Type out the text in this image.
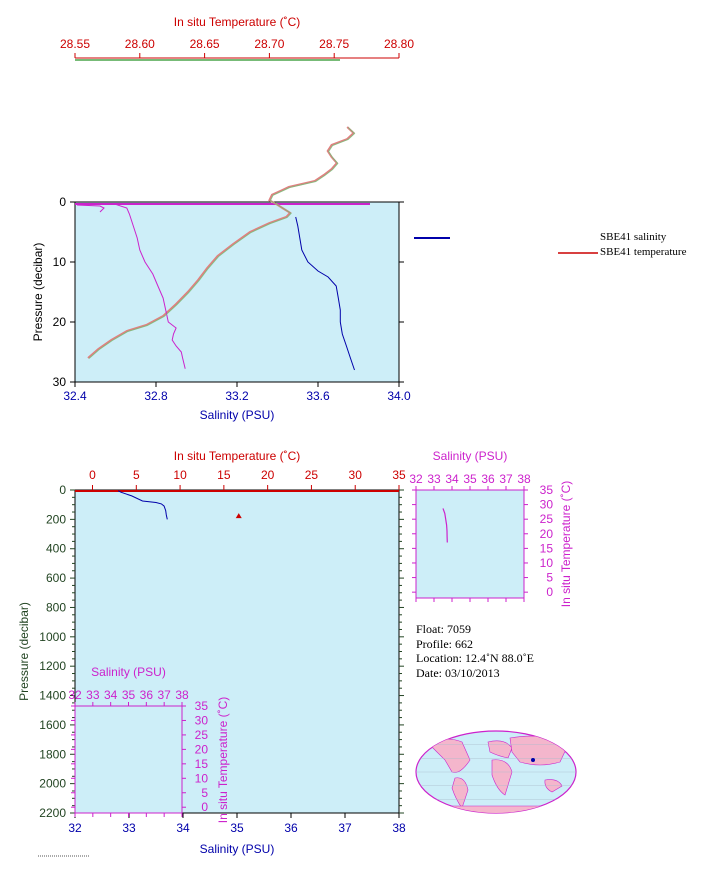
28.55	28.60	28.65	28.70	28.75	28.80
In situ Temperature (˚C)
32.4	32.8	33.2	33.6	34.0
Salinity (PSU)
0
10
20
30
Pressure (decibar)
0	5	10	15	20	25	30	35
In situ Temperature (˚C)
32	33	34	35	36	37	38
Salinity (PSU)
0
200
400
600
800
1000
1200
1400
1600
1800
2000
2200
Pressure (decibar)
32 33 34 35 36 37 38
Salinity (PSU)
0
5
10
15
20
25
30
35 In situ Temperature (˚C)
32 33 34 35 36 37 38
Salinity (PSU)
0
5
10
15
20
25
30
35 In situ Temperature (˚C)
SBE41 salinity
SBE41 temperature
Float: 7059
Profile: 662
Location: 12.4˚N 88.0˚E
Date: 03/10/2013
